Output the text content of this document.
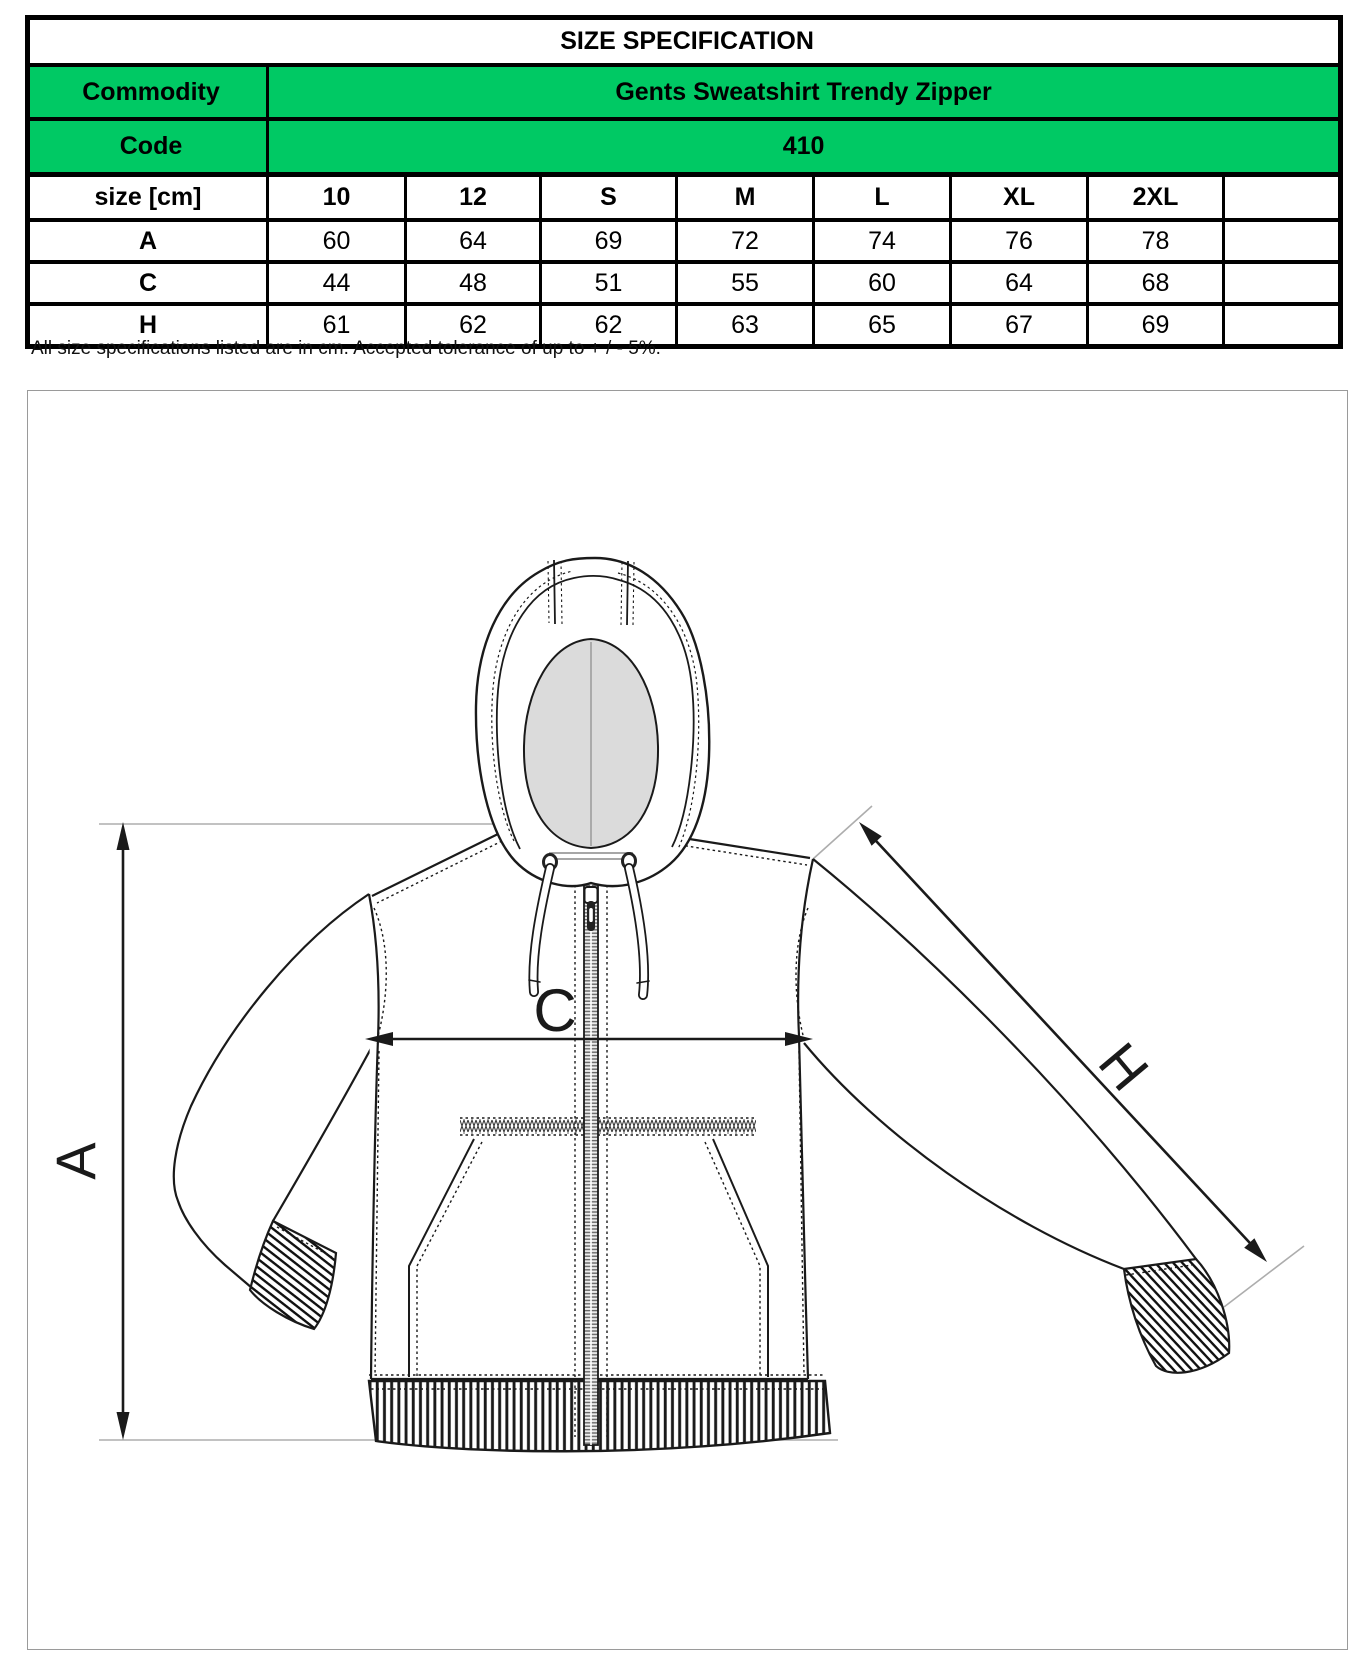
SIZE SPECIFICATION								
Commodity	Gents Sweatshirt Trendy Zipper							
Code	410							
size [cm]	10	12	S	M	L	XL	2XL	
A	60	64	69	72	74	76	78	
C	44	48	51	55	60	64	68	
H	61	62	62	63	65	67	69	
All size specifications listed are in cm. Accepted tolerance of up to + / - 5%.
A
C
H
